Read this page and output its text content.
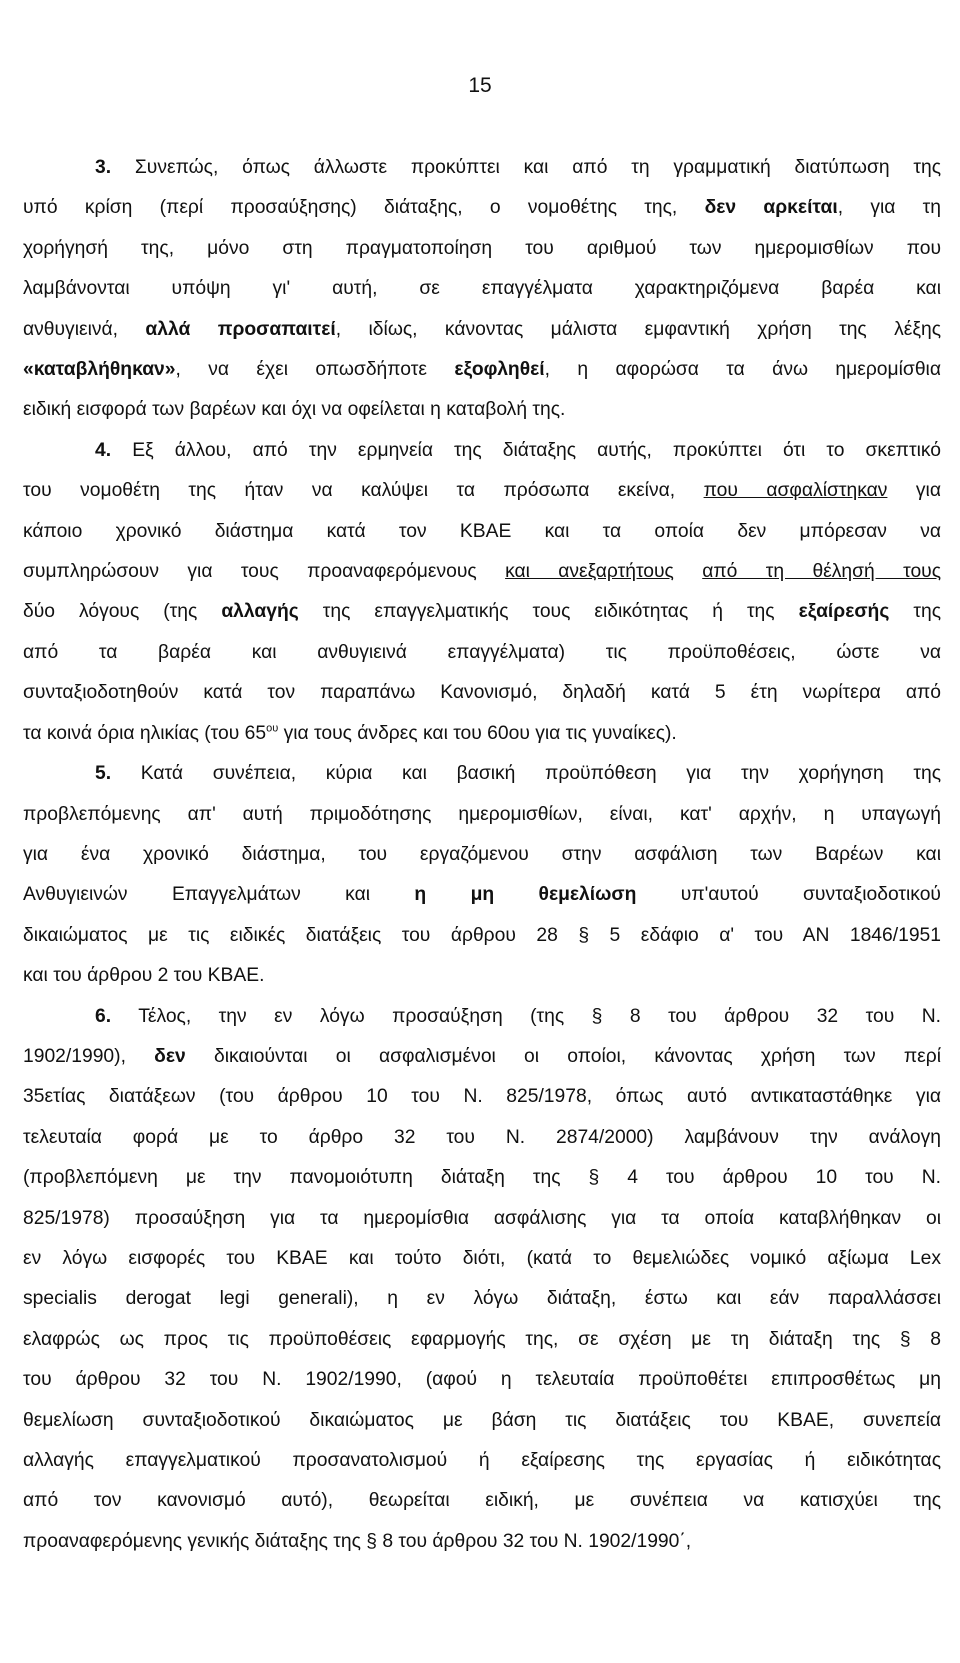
15
3. Συνεπώς, όπως άλλωστε προκύπτει και από τη γραμματική διατύπωση της
υπό κρίση (περί προσαύξησης) διάταξης, ο νομοθέτης της, δεν αρκείται, για τη
χορήγησή της, μόνο στη πραγματοποίηση του αριθμού των ημερομισθίων που
λαμβάνονται υπόψη γι' αυτή, σε επαγγέλματα χαρακτηριζόμενα βαρέα και
ανθυγιεινά, αλλά προσαπαιτεί, ιδίως, κάνοντας μάλιστα εμφαντική χρήση της λέξης
«καταβλήθηκαν», να έχει οπωσδήποτε εξοφληθεί, η αφορώσα τα άνω ημερομίσθια
ειδική εισφορά των βαρέων και όχι να οφείλεται η καταβολή της.
4. Εξ άλλου, από την ερμηνεία της διάταξης αυτής, προκύπτει ότι το σκεπτικό
του νομοθέτη της ήταν να καλύψει τα πρόσωπα εκείνα, που ασφαλίστηκαν για
κάποιο χρονικό διάστημα κατά τον ΚΒΑΕ και τα οποία δεν μπόρεσαν να
συμπληρώσουν για τους προαναφερόμενους και ανεξαρτήτους από τη θέλησή τους
δύο λόγους (της αλλαγής της επαγγελματικής τους ειδικότητας ή της εξαίρεσής της
από τα βαρέα και ανθυγιεινά επαγγέλματα) τις προϋποθέσεις, ώστε να
συνταξιοδοτηθούν κατά τον παραπάνω Κανονισμό, δηλαδή κατά 5 έτη νωρίτερα από
τα κοινά όρια ηλικίας (του $65^{o\upsilon}$ για τους άνδρες και του 60ου για τις γυναίκες).
5. Κατά συνέπεια, κύρια και βασική προϋπόθεση για την χορήγηση της
προβλεπόμενης απ' αυτή πριμοδότησης ημερομισθίων, είναι, κατ' αρχήν, η υπαγωγή
για ένα χρονικό διάστημα, του εργαζόμενου στην ασφάλιση των Βαρέων και
Ανθυγιεινών Επαγγελμάτων και η μη θεμελίωση υπ'αυτού συνταξιοδοτικού
δικαιώματος με τις ειδικές διατάξεις του άρθρου 28 § 5 εδάφιο α' του ΑΝ 1846/1951
και του άρθρου 2 του ΚΒΑΕ.
6. Τέλος, την εν λόγω προσαύξηση (της § 8 του άρθρου 32 του Ν.
1902/1990), δεν δικαιούνται οι ασφαλισμένοι οι οποίοι, κάνοντας χρήση των περί
35ετίας διατάξεων (του άρθρου 10 του Ν. 825/1978, όπως αυτό αντικαταστάθηκε για
τελευταία φορά με το άρθρο 32 του Ν. 2874/2000) λαμβάνουν την ανάλογη
(προβλεπόμενη με την πανομοιότυπη διάταξη της § 4 του άρθρου 10 του Ν.
825/1978) προσαύξηση για τα ημερομίσθια ασφάλισης για τα οποία καταβλήθηκαν οι
εν λόγω εισφορές του ΚΒΑΕ και τούτο διότι, (κατά το θεμελιώδες νομικό αξίωμα Lex
specialis derogat legi generali), η εν λόγω διάταξη, έστω και εάν παραλλάσσει
ελαφρώς ως προς τις προϋποθέσεις εφαρμογής της, σε σχέση με τη διάταξη της § 8
του άρθρου 32 του Ν. 1902/1990, (αφού η τελευταία προϋποθέτει επιπροσθέτως μη
θεμελίωση συνταξιοδοτικού δικαιώματος με βάση τις διατάξεις του ΚΒΑΕ, συνεπεία
αλλαγής επαγγελματικού προσανατολισμού ή εξαίρεσης της εργασίας ή ειδικότητας
από τον κανονισμό αυτό), θεωρείται ειδική, με συνέπεια να κατισχύει της
προαναφερόμενης γενικής διάταξης της § 8 του άρθρου 32 του Ν. 1902/1990΄,
